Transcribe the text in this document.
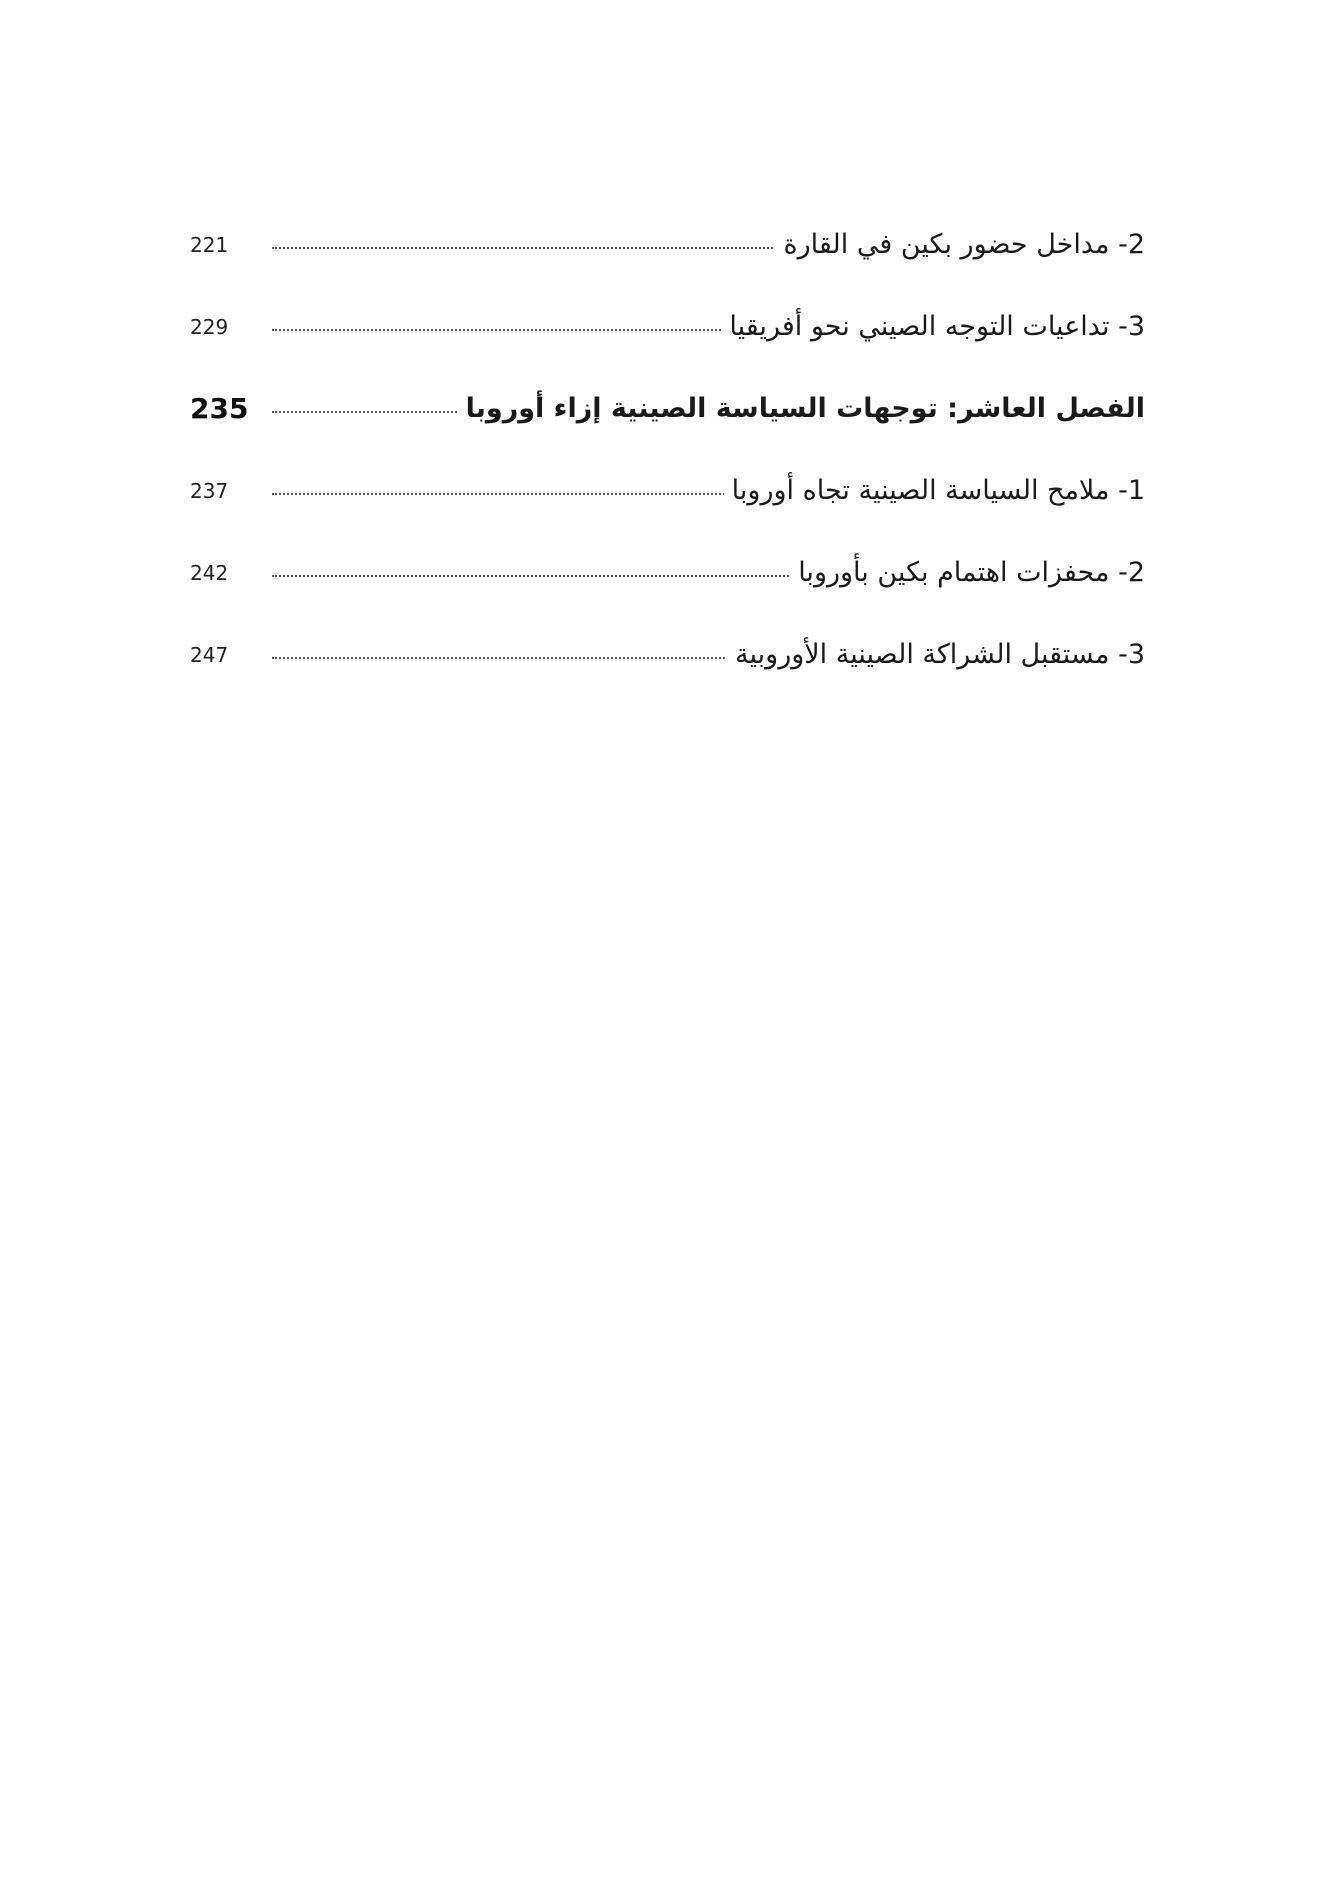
221	2- مداخل حضور بكين في القارة
229	3- تداعيات التوجه الصيني نحو أفريقيا
235	الفصل العاشر: توجهات السياسة الصينية إزاء أوروبا
237	1- ملامح السياسة الصينية تجاه أوروبا
242	2- محفزات اهتمام بكين بأوروبا
247	3- مستقبل الشراكة الصينية الأوروبية
